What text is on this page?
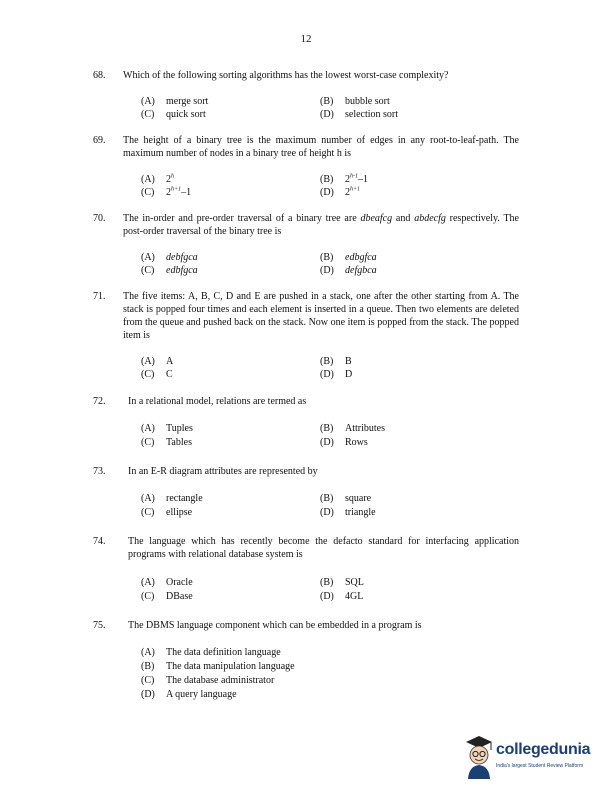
12
68.	Which of the following sorting algorithms has the lowest worst-case complexity?
(A) merge sort	(B) bubble sort
(C) quick sort	(D) selection sort
69.	The height of a binary tree is the maximum number of edges in any root-to-leaf-path. The maximum number of nodes in a binary tree of height h is
(A) 2$^h$	(B) 2$^{h-1}$–1
(C) $2^{h+1}-1$	(D) $2^{h+1}$
70.	The in-order and pre-order traversal of a binary tree are dbeafcg and abdecfg respectively. The post-order traversal of the binary tree is
(A) debfgca	(B) edbgfca
(C) edbfgca	(D) defgbca
71.	The five items: A, B, C, D and E are pushed in a stack, one after the other starting from A. The stack is popped four times and each element is inserted in a queue. Then two elements are deleted from the queue and pushed back on the stack. Now one item is popped from the stack. The popped item is
(A) A	(B) B
(C) C	(D) D
72.	In a relational model, relations are termed as
(A) Tuples	(B) Attributes
(C) Tables	(D) Rows
73.	In an E-R diagram attributes are represented by
(A) rectangle	(B) square
(C) ellipse	(D) triangle
74.	The language which has recently become the defacto standard for interfacing application programs with relational database system is
(A) Oracle	(B) SQL
(C) DBase	(D) 4GL
75.	The DBMS language component which can be embedded in a program is
(A) The data definition language
(B) The data manipulation language
(C) The database administrator
(D) A query language
collegedunia
India's largest Student Review Platform
